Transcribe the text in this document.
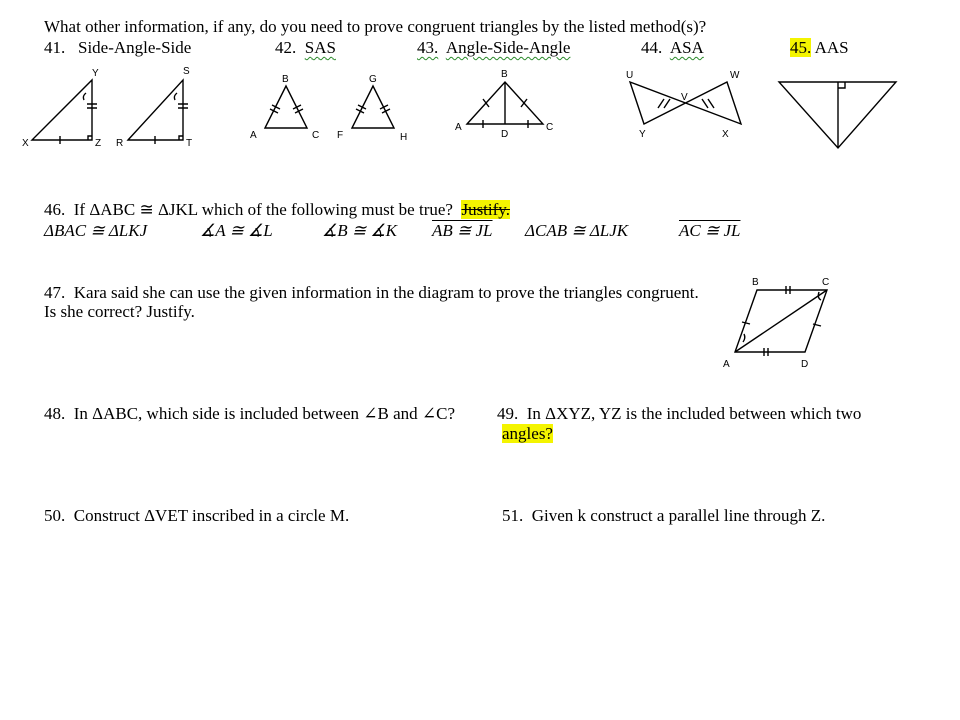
What other information, if any, do you need to prove congruent triangles by the listed method(s)?
41. Side-Angle-Side	42. SAS	43. Angle-Side-Angle	44. ASA	45. AAS
Y
X	Z
S
R	T
B
A	C
G
F	H
B
A
D
C
U	W
V
Y	X
B	C
A	D
46. If ΔABC ≅ ΔJKL which of the following must be true? Justify.
ΔBAC ≅ ΔLKJ	∡A ≅ ∡L	∡B ≅ ∡K AB ≅ JL ΔCAB ≅ ΔLJK	AC ≅ JL
47. Kara said she can use the given information in the diagram to prove the triangles congruent.
Is she correct? Justify.
48. In ΔABC, which side is included between ∠B and ∠C? 49. In ΔXYZ, YZ is the included between which two
angles?
50. Construct ΔVET inscribed in a circle M.	51. Given k construct a parallel line through Z.
